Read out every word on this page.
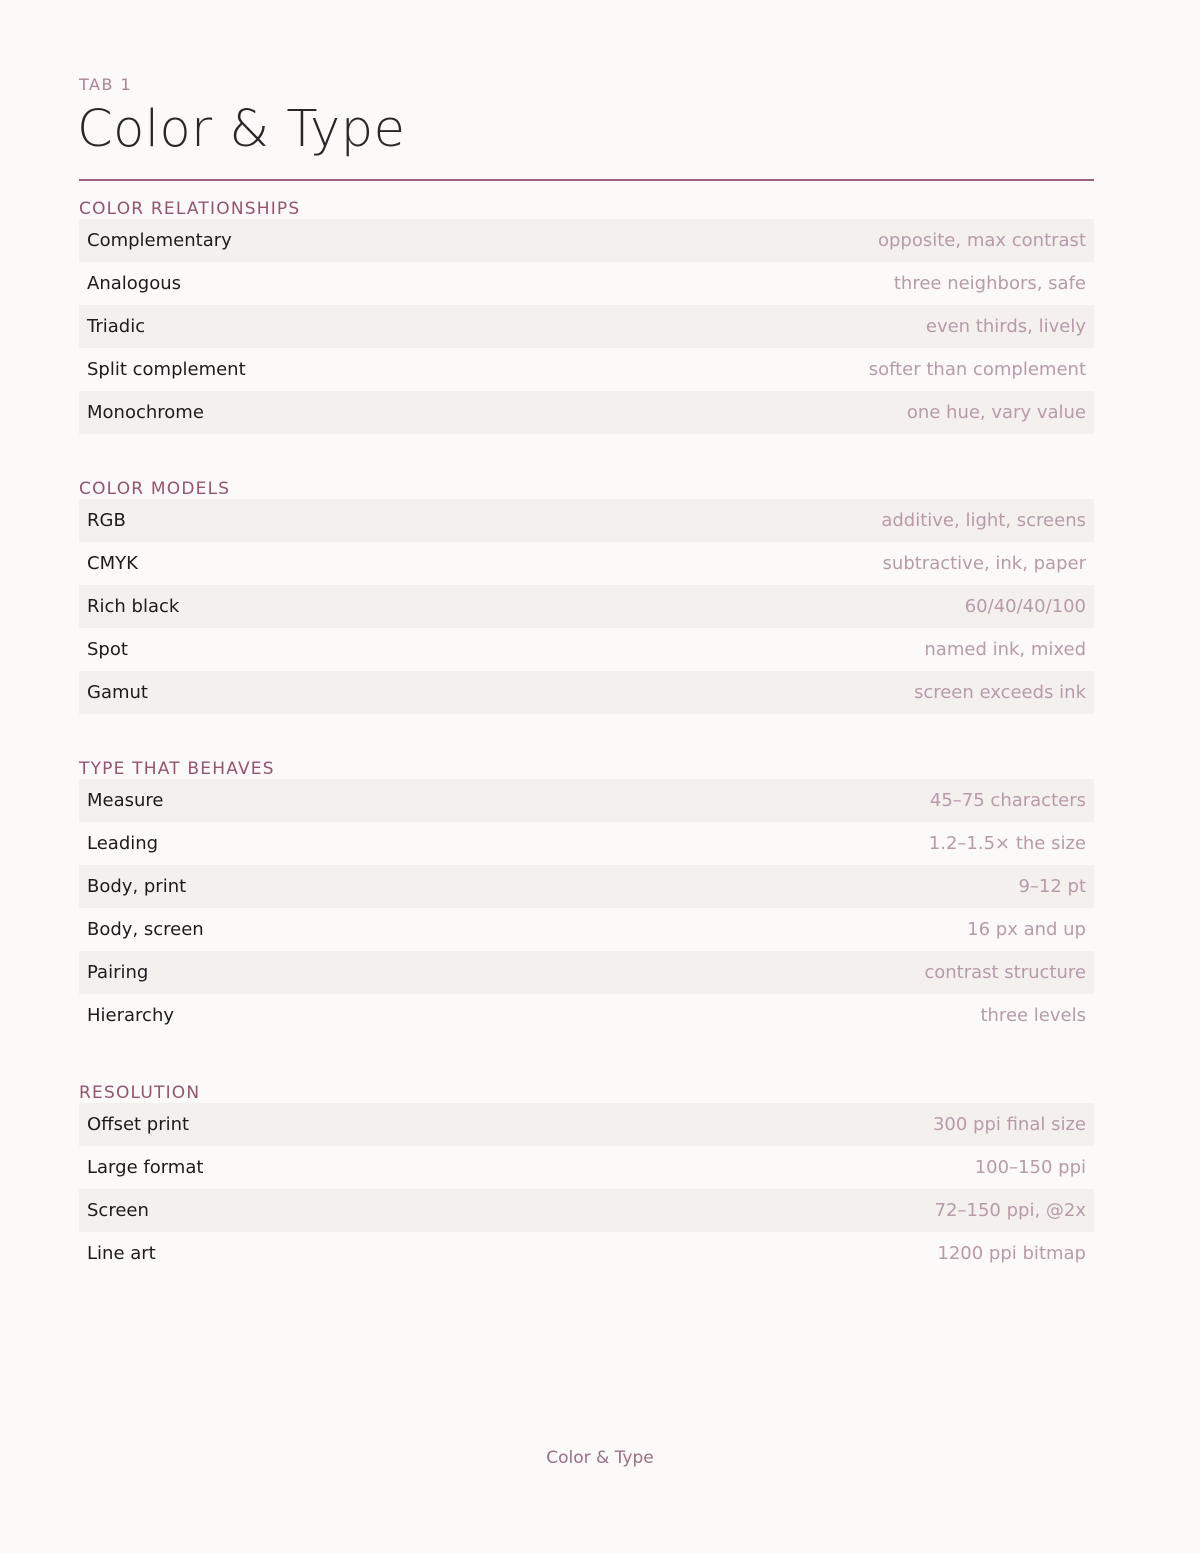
TAB 1
Color & Type
COLOR RELATIONSHIPS
Complementary	opposite, max contrast
Analogous	three neighbors, safe
Triadic	even thirds, lively
Split complement	softer than complement
Monochrome	one hue, vary value
COLOR MODELS
RGB	additive, light, screens
CMYK	subtractive, ink, paper
Rich black	60/40/40/100
Spot	named ink, mixed
Gamut	screen exceeds ink
TYPE THAT BEHAVES
Measure	45–75 characters
Leading	1.2–1.5× the size
Body, print	9–12 pt
Body, screen	16 px and up
Pairing	contrast structure
Hierarchy	three levels
RESOLUTION
Offset print	300 ppi final size
Large format	100–150 ppi
Screen	72–150 ppi, @2x
Line art	1200 ppi bitmap
Color & Type
